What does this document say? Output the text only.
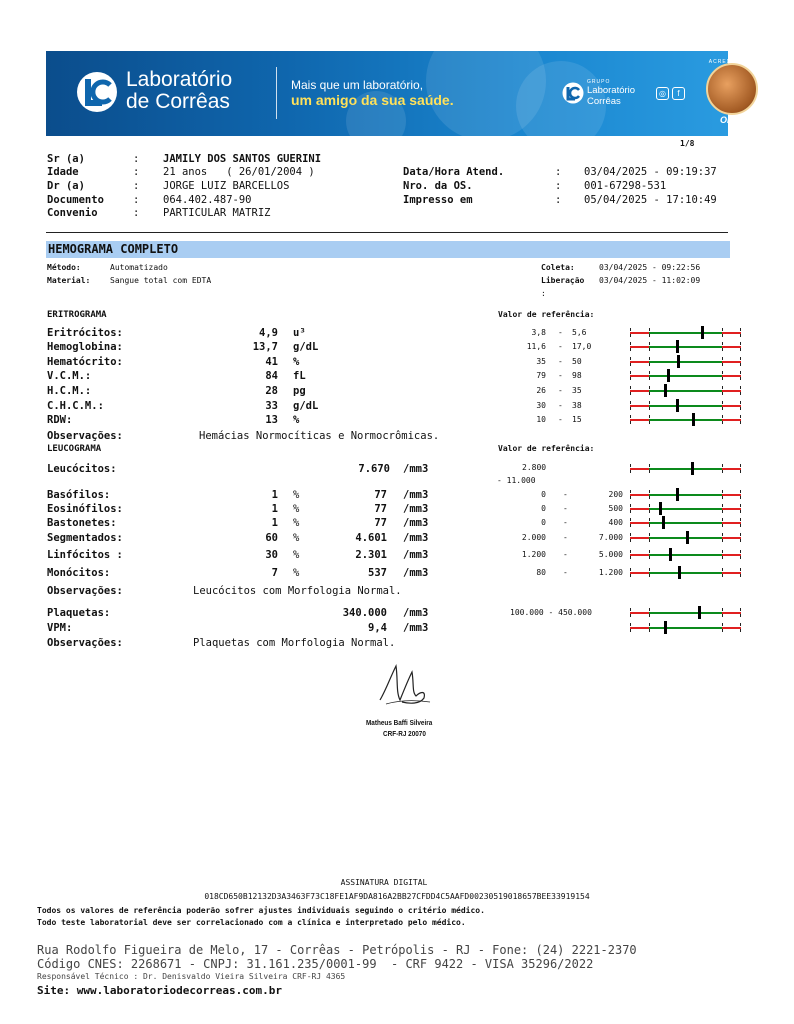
Laboratório
de Corrêas
Mais que um laboratório,
um amigo da sua saúde.
GRUPO
Laboratório
Corrêas
◎	f
ACREDITADO
ONA
1/8
Sr (a)	: JAMILY DOS SANTOS GUERINI
Idade	: 21 anos   ( 26/01/2004 )
Dr (a)	: JORGE LUIZ BARCELLOS
Documento	: 064.402.487-90
Convenio	: PARTICULAR MATRIZ
Data/Hora Atend.	: 03/04/2025 - 09:19:37
Nro. da OS.	: 001-67298-531
Impresso em	: 05/04/2025 - 17:10:49
HEMOGRAMA COMPLETO
Método:	Automatizado
Material: Sangue total com EDTA
Coleta:	03/04/2025 - 09:22:56
Liberação 03/04/2025 - 11:02:09
:
ERITROGRAMA	Valor de referência:
Eritrócitos:	4,9 u³	3,8 - 5,6
Hemoglobina:	13,7 g/dL	11,6 - 17,0
Hematócrito:	41 %	35 - 50
V.C.M.:	84 fL	79 - 98
H.C.M.:	28 pg	26 - 35
C.H.C.M.:	33 g/dL	30 - 38
RDW:	13 %	10 - 15
Observações:	Hemácias Normocíticas e Normocrômicas.
LEUCOGRAMA	Valor de referência:
Leucócitos:	7.670 /mm3	2.800
- 11.000
Basófilos:	1 %	77 /mm3	0 -	200
Eosinófilos:	1 %	77 /mm3	0 -	500
Bastonetes:	1 %	77 /mm3	0 -	400
Segmentados:	60 %	4.601 /mm3	2.000 -	7.000
Linfócitos :	30 %	2.301 /mm3	1.200 -	5.000
Monócitos:	7 %	537 /mm3	80 -	1.200
Observações:	Leucócitos com Morfologia Normal.
Plaquetas:	340.000 /mm3	100.000 - 450.000
VPM:	9,4 /mm3
Observações:	Plaquetas com Morfologia Normal.
Matheus Baffi Silveira
CRF-RJ 20070
ASSINATURA DIGITAL
018CD650B12132D3A3463F73C18FE1AF9DA816A2BB27CFDD4C5AAFD00230519018657BEE33919154
Todos os valores de referência poderão sofrer ajustes individuais seguindo o critério médico.
Todo teste laboratorial deve ser correlacionado com a clínica e interpretado pelo médico.
Rua Rodolfo Figueira de Melo, 17 - Corrêas - Petrópolis - RJ - Fone: (24) 2221-2370
Código CNES: 2268671 - CNPJ: 31.161.235/0001-99  - CRF 9422 - VISA 35296/2022
Responsável Técnico : Dr. Denisvaldo Vieira Silveira CRF-RJ 4365
Site: www.laboratoriodecorreas.com.br
